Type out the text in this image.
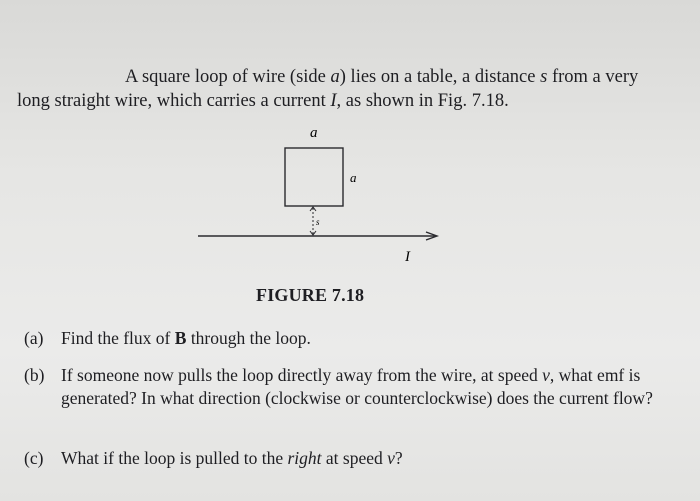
A square loop of wire (side a) lies on a table, a distance s from a very
long straight wire, which carries a current I, as shown in Fig. 7.18.
a
a
s
I
FIGURE 7.18
(a) Find the flux of B through the loop.
(b) If someone now pulls the loop directly away from the wire, at speed v, what emf is generated? In what direction (clockwise or counterclockwise) does the current flow?
(c) What if the loop is pulled to the right at speed v?
